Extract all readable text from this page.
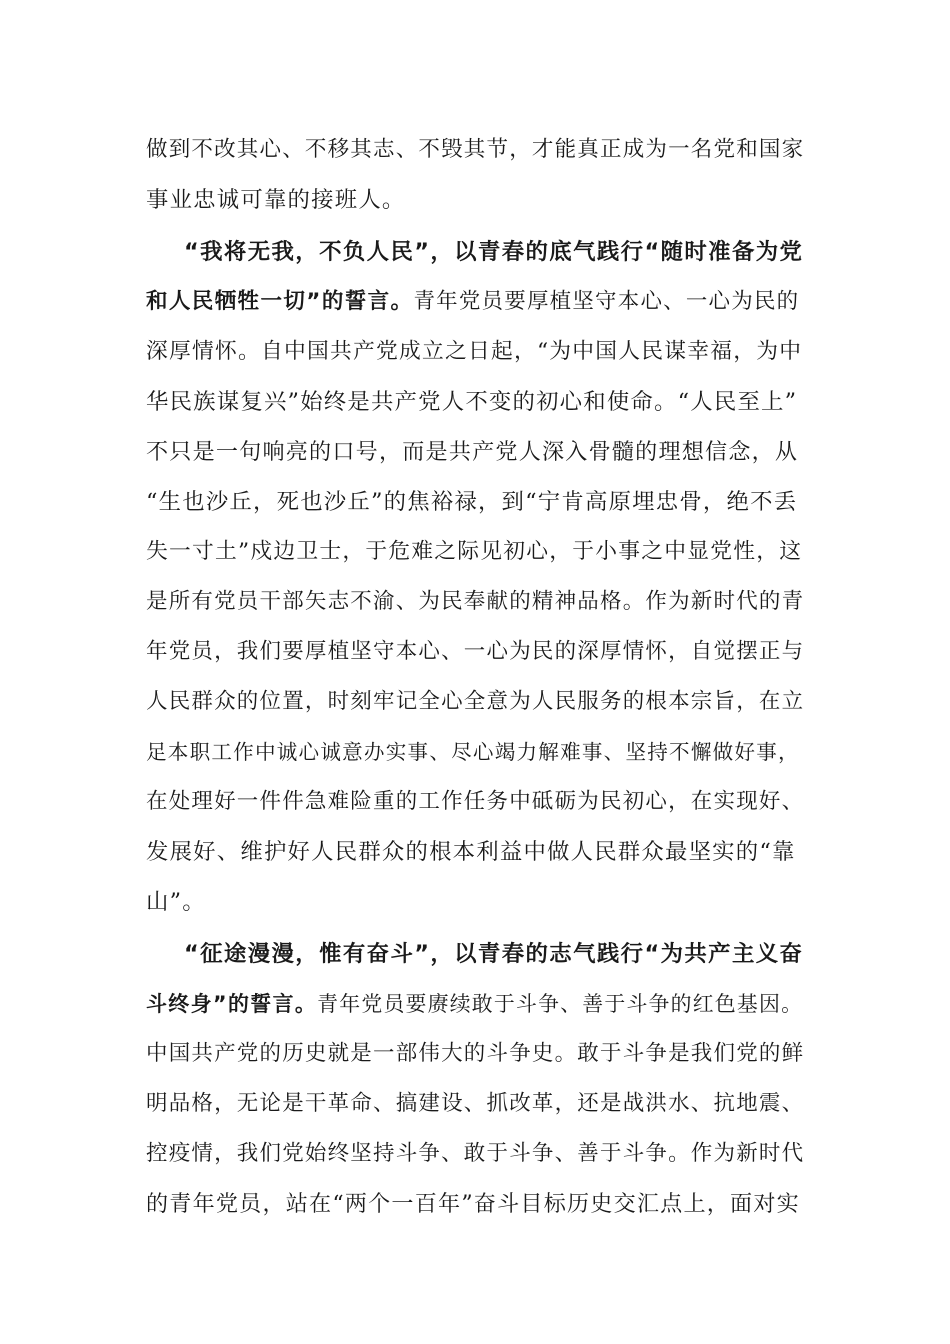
做到不改其心、不移其志、不毁其节，才能真正成为一名党和国家
事业忠诚可靠的接班人。
“我将无我，不负人民”，以青春的底气践行“随时准备为党
和人民牺牲一切”的誓言。青年党员要厚植坚守本心、一心为民的
深厚情怀。自中国共产党成立之日起，“为中国人民谋幸福，为中
华民族谋复兴”始终是共产党人不变的初心和使命。“人民至上”
不只是一句响亮的口号，而是共产党人深入骨髓的理想信念，从
“生也沙丘，死也沙丘”的焦裕禄，到“宁肯高原埋忠骨，绝不丢
失一寸土”戍边卫士，于危难之际见初心，于小事之中显党性，这
是所有党员干部矢志不渝、为民奉献的精神品格。作为新时代的青
年党员，我们要厚植坚守本心、一心为民的深厚情怀，自觉摆正与
人民群众的位置，时刻牢记全心全意为人民服务的根本宗旨，在立
足本职工作中诚心诚意办实事、尽心竭力解难事、坚持不懈做好事，
在处理好一件件急难险重的工作任务中砥砺为民初心，在实现好、
发展好、维护好人民群众的根本利益中做人民群众最坚实的“靠
山”。
“征途漫漫，惟有奋斗”，以青春的志气践行“为共产主义奋
斗终身”的誓言。青年党员要赓续敢于斗争、善于斗争的红色基因。
中国共产党的历史就是一部伟大的斗争史。敢于斗争是我们党的鲜
明品格，无论是干革命、搞建设、抓改革，还是战洪水、抗地震、
控疫情，我们党始终坚持斗争、敢于斗争、善于斗争。作为新时代
的青年党员，站在“两个一百年”奋斗目标历史交汇点上，面对实
